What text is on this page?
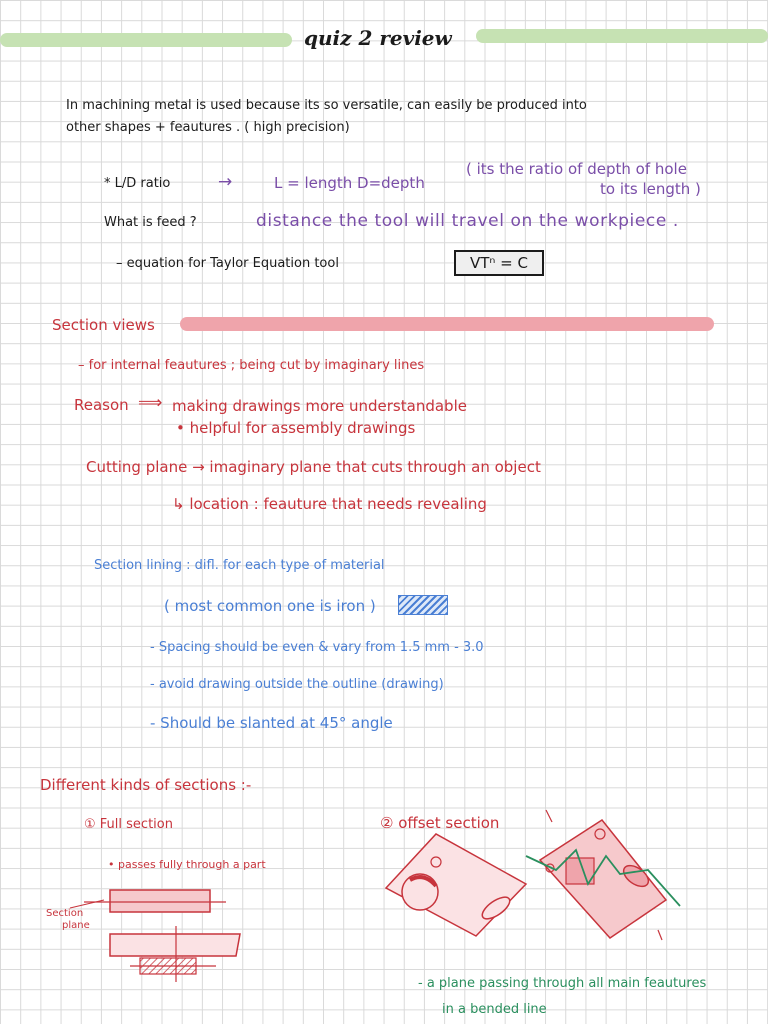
quiz 2 review
In machining metal is used because its so versatile, can easily be produced into
other shapes + feautures . ( high precision)
* L/D ratio	→	L = length D=depth
( its the ratio of depth of hole
to its length )
What is feed ?	distance the tool will travel on the workpiece .
– equation for Taylor Equation tool	VTⁿ = C
Section views
– for internal feautures ; being cut by imaginary lines
Reason ⟹ making drawings more understandable
• helpful for assembly drawings
Cutting plane → imaginary plane that cuts through an object
↳ location : feauture that needs revealing
Section lining : difl. for each type of material
( most common one is iron )
- Spacing should be even & vary from 1.5 mm - 3.0
- avoid drawing outside the outline (drawing)
- Should be slanted at 45° angle
Different kinds of sections :-
① Full section
• passes fully through a part
② offset section
Section
plane
- a plane passing through all main feautures
in a bended line
